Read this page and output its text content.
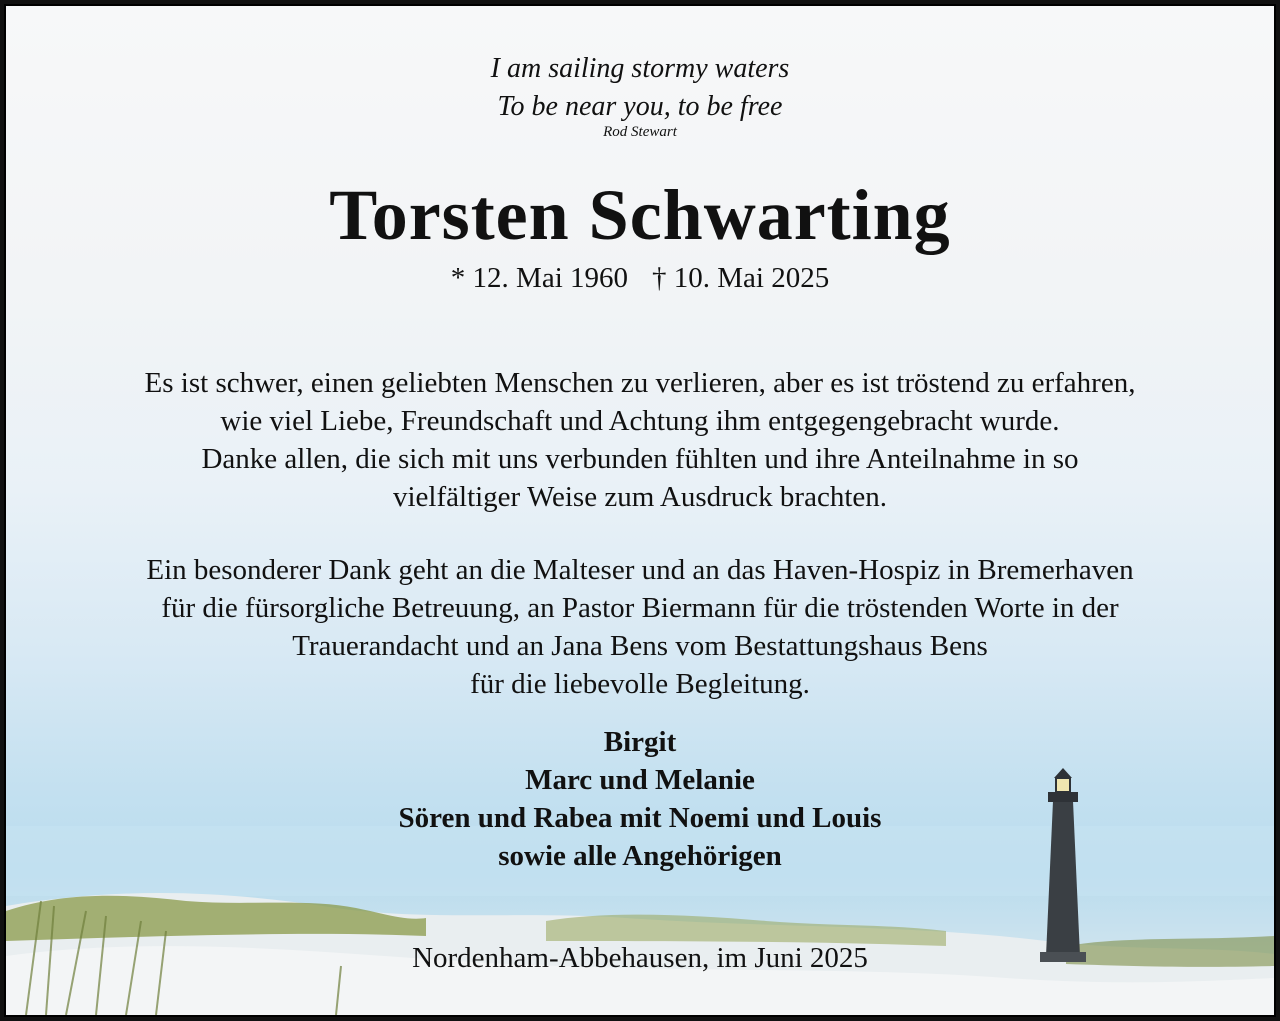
I am sailing stormy waters
To be near you, to be free
Rod Stewart
Torsten Schwarting
* 12. Mai 1960 † 10. Mai 2025
Es ist schwer, einen geliebten Menschen zu verlieren, aber es ist tröstend zu erfahren,
wie viel Liebe, Freundschaft und Achtung ihm entgegengebracht wurde.
Danke allen, die sich mit uns verbunden fühlten und ihre Anteilnahme in so
vielfältiger Weise zum Ausdruck brachten.
Ein besonderer Dank geht an die Malteser und an das Haven-Hospiz in Bremerhaven
für die fürsorgliche Betreuung, an Pastor Biermann für die tröstenden Worte in der
Trauerandacht und an Jana Bens vom Bestattungshaus Bens
für die liebevolle Begleitung.
Birgit
Marc und Melanie
Sören und Rabea mit Noemi und Louis
sowie alle Angehörigen
Nordenham-Abbehausen, im Juni 2025
